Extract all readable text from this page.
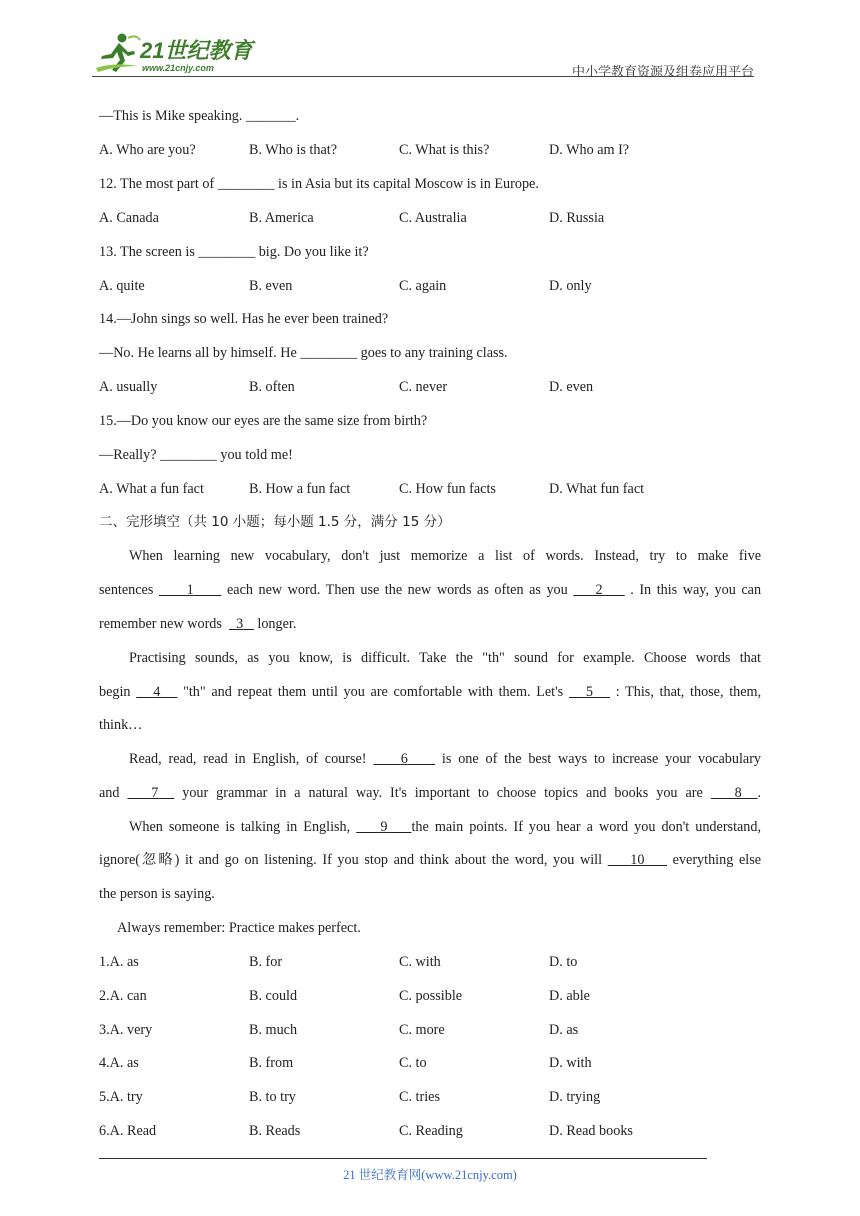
21世纪教育
www.21cnjy.com	中小学教育资源及组卷应用平台
—This is Mike speaking. _______.
A. Who are you?	B. Who is that?	C. What is this?	D. Who am I?
12. The most part of ________ is in Asia but its capital Moscow is in Europe.
A. Canada	B. America	C. Australia	D. Russia
13. The screen is ________ big. Do you like it?
A. quite	B. even	C. again	D. only
14.—John sings so well. Has he ever been trained?
—No. He learns all by himself. He ________ goes to any training class.
A. usually	B. often	C. never	D. even
15.—Do you know our eyes are the same size from birth?
—Really? ________ you told me!
A. What a fun fact	B. How a fun fact	C. How fun facts	D. What fun fact
二、完形填空（共 10 小题；每小题 1.5 分，满分 15 分）
When learning new vocabulary, don't just memorize a list of words. Instead, try to make five
sentences 1 each new word. Then use the new words as often as you 2 . In this way, you can
remember new words 3 longer.
Practising sounds, as you know, is difficult. Take the "th" sound for example. Choose words that
begin 4 "th" and repeat them until you are comfortable with them. Let's 5 : This, that, those, them,
think…
Read, read, read in English, of course! 6 is one of the best ways to increase your vocabulary
and 7 your grammar in a natural way. It's important to choose topics and books you are 8 .
When someone is talking in English, 9 the main points. If you hear a word you don't understand,
ignore(忽略) it and go on listening. If you stop and think about the word, you will 10 everything else
the person is saying.
Always remember: Practice makes perfect.
1.A. as	B. for	C. with	D. to
2.A. can	B. could	C. possible	D. able
3.A. very	B. much	C. more	D. as
4.A. as	B. from	C. to	D. with
5.A. try	B. to try	C. tries	D. trying
6.A. Read	B. Reads	C. Reading	D. Read books
21 世纪教育网(www.21cnjy.com)
